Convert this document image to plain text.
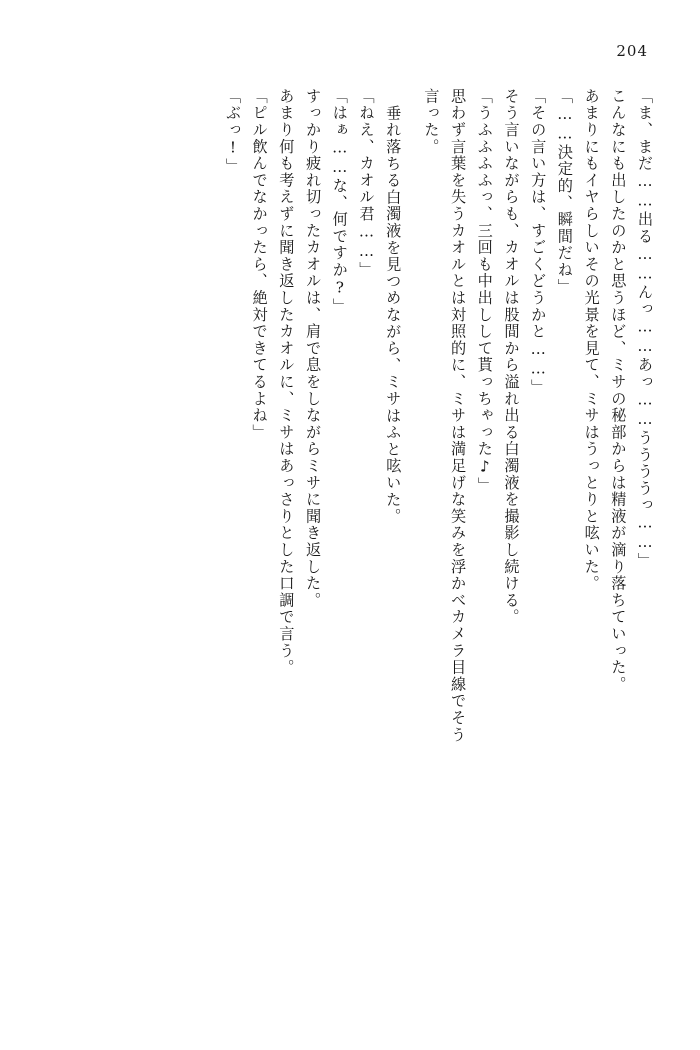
204
「ま、まだ……出る……んっ……あっ……ううううっ……」
こんなにも出したのかと思うほど、ミサの秘部からは精液が滴り落ちていった。
あまりにもイヤらしいその光景を見て、ミサはうっとりと呟いた。
「……決定的、瞬間だね」
「その言い方は、すごくどうかと……」
そう言いながらも、カオルは股間から溢れ出る白濁液を撮影し続ける。
「うふふふふっ、三回も中出しして貰っちゃった♪」
思わず言葉を失うカオルとは対照的に、ミサは満足げな笑みを浮かべカメラ目線でそう
言った。
垂れ落ちる白濁液を見つめながら、ミサはふと呟いた。
「ねえ、カオル君……」
「はぁ……な、何ですか?」
すっかり疲れ切ったカオルは、肩で息をしながらミサに聞き返した。
あまり何も考えずに聞き返したカオルに、ミサはあっさりとした口調で言う。
「ピル飲んでなかったら、絶対できてるよね」
「ぶっ!」
